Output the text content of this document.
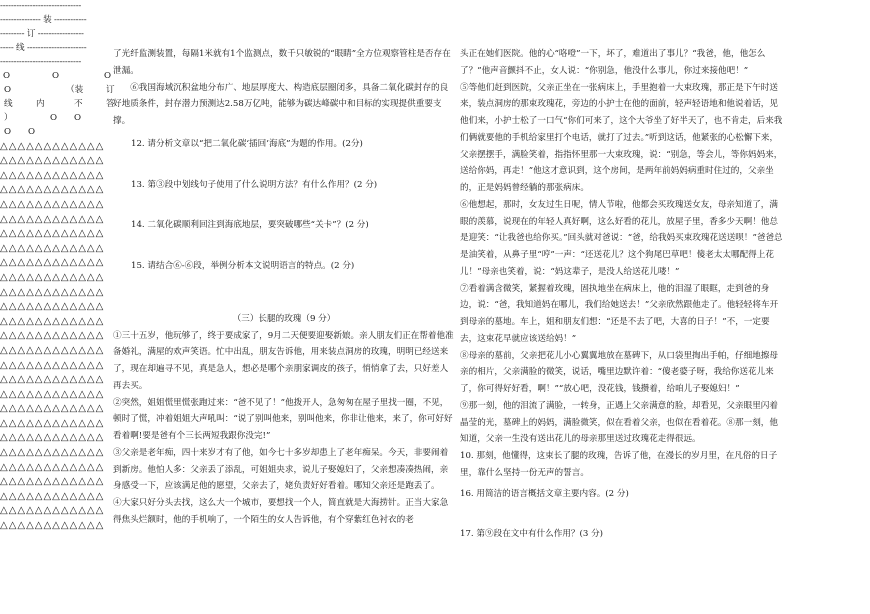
------------------------------
--------------- 装 ------------
--------- 订 -----------------
----- 线 ----------------------
------------------------------
O	O	O
O	（装	订
线	内	不	答
）	O O
O O
△△△△△△△△△△△△
△△△△△△△△△△△△
△△△△△△△△△△△△
△△△△△△△△△△△△
△△△△△△△△△△△△
△△△△△△△△△△△△
△△△△△△△△△△△△
△△△△△△△△△△△△
△△△△△△△△△△△△
△△△△△△△△△△△△
△△△△△△△△△△△△
△△△△△△△△△△△△
△△△△△△△△△△△△
△△△△△△△△△△△△
△△△△△△△△△△△△
△△△△△△△△△△△△
△△△△△△△△△△△△
△△△△△△△△△△△△
△△△△△△△△△△△△
△△△△△△△△△△△△
△△△△△△△△△△△△
△△△△△△△△△△△△
△△△△△△△△△△△△
△△△△△△△△△△△△
△△△△△△△△△△△△
△△△△△△△△△△△△
△△△△△△△△△△△△

了光纤监测装置，每隔1米就有1个监测点，数千只敏锐的“眼睛”全方位观察管柱是否存在泄漏。

⑥我国海域沉积盆地分布广、地层厚度大、构造底层圈闭多，具备二氧化碳封存的良好地质条件，封存潜力预测达2.58万亿吨，能够为碳达峰碳中和目标的实现提供重要支撑。

12. 请分析文章以“把二氧化碳‘插回’海底”为题的作用。(2分)

13. 第③段中划线句子使用了什么说明方法？有什么作用？(2 分)

14. 二氧化碳顺利回注到海底地层，要突破哪些“关卡”？(2 分)

15. 请结合⑥-⑥段，举例分析本文说明语言的特点。(2 分)

（三）长腿的玫瑰（9 分）

①三十五岁，他玩够了，终于要成家了，9月二天便要迎娶新娘。亲人朋友们正在帮着他准备婚礼，满屋的欢声笑语。忙中出乱，朋友告诉他，用来装点洞房的玫瑰，明明已经送来了，现在却遍寻不见，真是急人，想必是哪个亲朋家调皮的孩子，悄悄拿了去，只好差人再去买。

②突然，姐姐慌里慌张跑过来：“爸不见了！”他拨开人，急匆匆在屋子里找一圈，不见，顿时了慌，冲着姐姐大声吼叫：“说了别叫他来，别叫他来，你非让他来，来了，你可好好看着啊!要是爸有个三长两短我跟你没完!”

③父亲是老年痴，四十来岁才有了他，如今七十多岁却患上了老年痴呆。今天，非要闹着到新房。他怕人多：父亲丢了添乱，可姐姐央求，说儿子娶媳妇了，父亲想凑凑热闹，亲身感受一下，应该满足他的愿望，父亲去了，姥负责好好看着。哪知父亲还是跑丢了。

④大家只好分头去找，这么大一个城市，要想找一个人，简直就是大海捞针。正当大家急得焦头烂额时，他的手机响了，一个陌生的女人告诉他，有个穿紫红色衬衣的老

头正在她们医院。他的心“咯噔”一下，坏了，难道出了事儿？“我爸，他，他怎么了？”他声音颤抖不止，女人说：“你别急，他没什么事儿，你过来接他吧！”

⑤等他们赶到医院，父亲正坐在一张病床上，手里抱着一大束玫瑰，那正是下午时送来，装点洞房的那束玫瑰花，旁边的小护士在他的面前，轻声轻语地和他说着话，见他们来，小护士松了一口气“你们可来了，这个大爷坐了好半天了，也不肯走，后来我们俩就要他的手机给家里打个电话，就打了过去。”听到这话，他紧张的心松懈下来，父亲摆摆手，满脸笑着，指指怀里那一大束玫瑰，说：“别急，等会儿，等你妈妈来，送给你妈，再走！”他这才意识到，这个房间，是两年前妈妈病重时住过的，父亲坐的，正是妈妈曾经躺的那张病床。

⑥他想起，那时，女友过生日呢，情人节啦，他都会买玫瑰送女友，母亲知道了，满眼的羡慕，说现在的年轻人真好啊，这么好看的花儿，放屋子里，香多少天啊！他总是迎笑：“让我爸也给你买。”回头就对爸说：“爸，给我妈买束玫瑰花送送呗！”爸爸总是油笑着，从鼻子里“哼”一声：“还送花儿？这个狗尾巴草吧！傻老太太哪配得上花儿！”母亲也笑着，说：“妈这辈子，是没人给送花儿喽！”

⑦看着满含微笑，紧握着玫瑰，固执地坐在病床上，他的泪湿了眼眶，走到爸的身边，说：“爸，我知道妈在哪儿，我们给她送去！”父亲欣然跟他走了。他轻轻将车开到母亲的墓地。车上，姐和朋友们想：“还是不去了吧，大喜的日子！”不，一定要去，这束花早就应该送给妈！”

⑧母亲的墓前，父亲把花儿小心翼翼地放在墓碑下，从口袋里掏出手帕，仔细地擦母亲的相片，父亲满脸的微笑，说话，嘴里边默许着：“傻老婆子呀，我给你送花儿来了，你可得好好看，啊！”“放心吧，没花钱，钱攒着，给咱儿子娶媳妇！”

⑨那一刻，他的泪流了满脸，一转身，正遇上父亲满意的脸，却看见，父亲眼里闪着晶莹的光，墓碑上的妈妈，满脸微笑，似在看着父亲，也似在看着花。⑧那一刻，他知道，父亲一生没有送出花儿的母亲那里送过玫瑰花走得很远。

10. 那刻，他懂得，这束长了腿的玫瑰，告诉了他，在漫长的岁月里，在凡俗的日子里，靠什么坚持一份无声的誓言。

16. 用简洁的语言概括文章主要内容。(2 分)

17. 第⑨段在文中有什么作用？(3 分)
